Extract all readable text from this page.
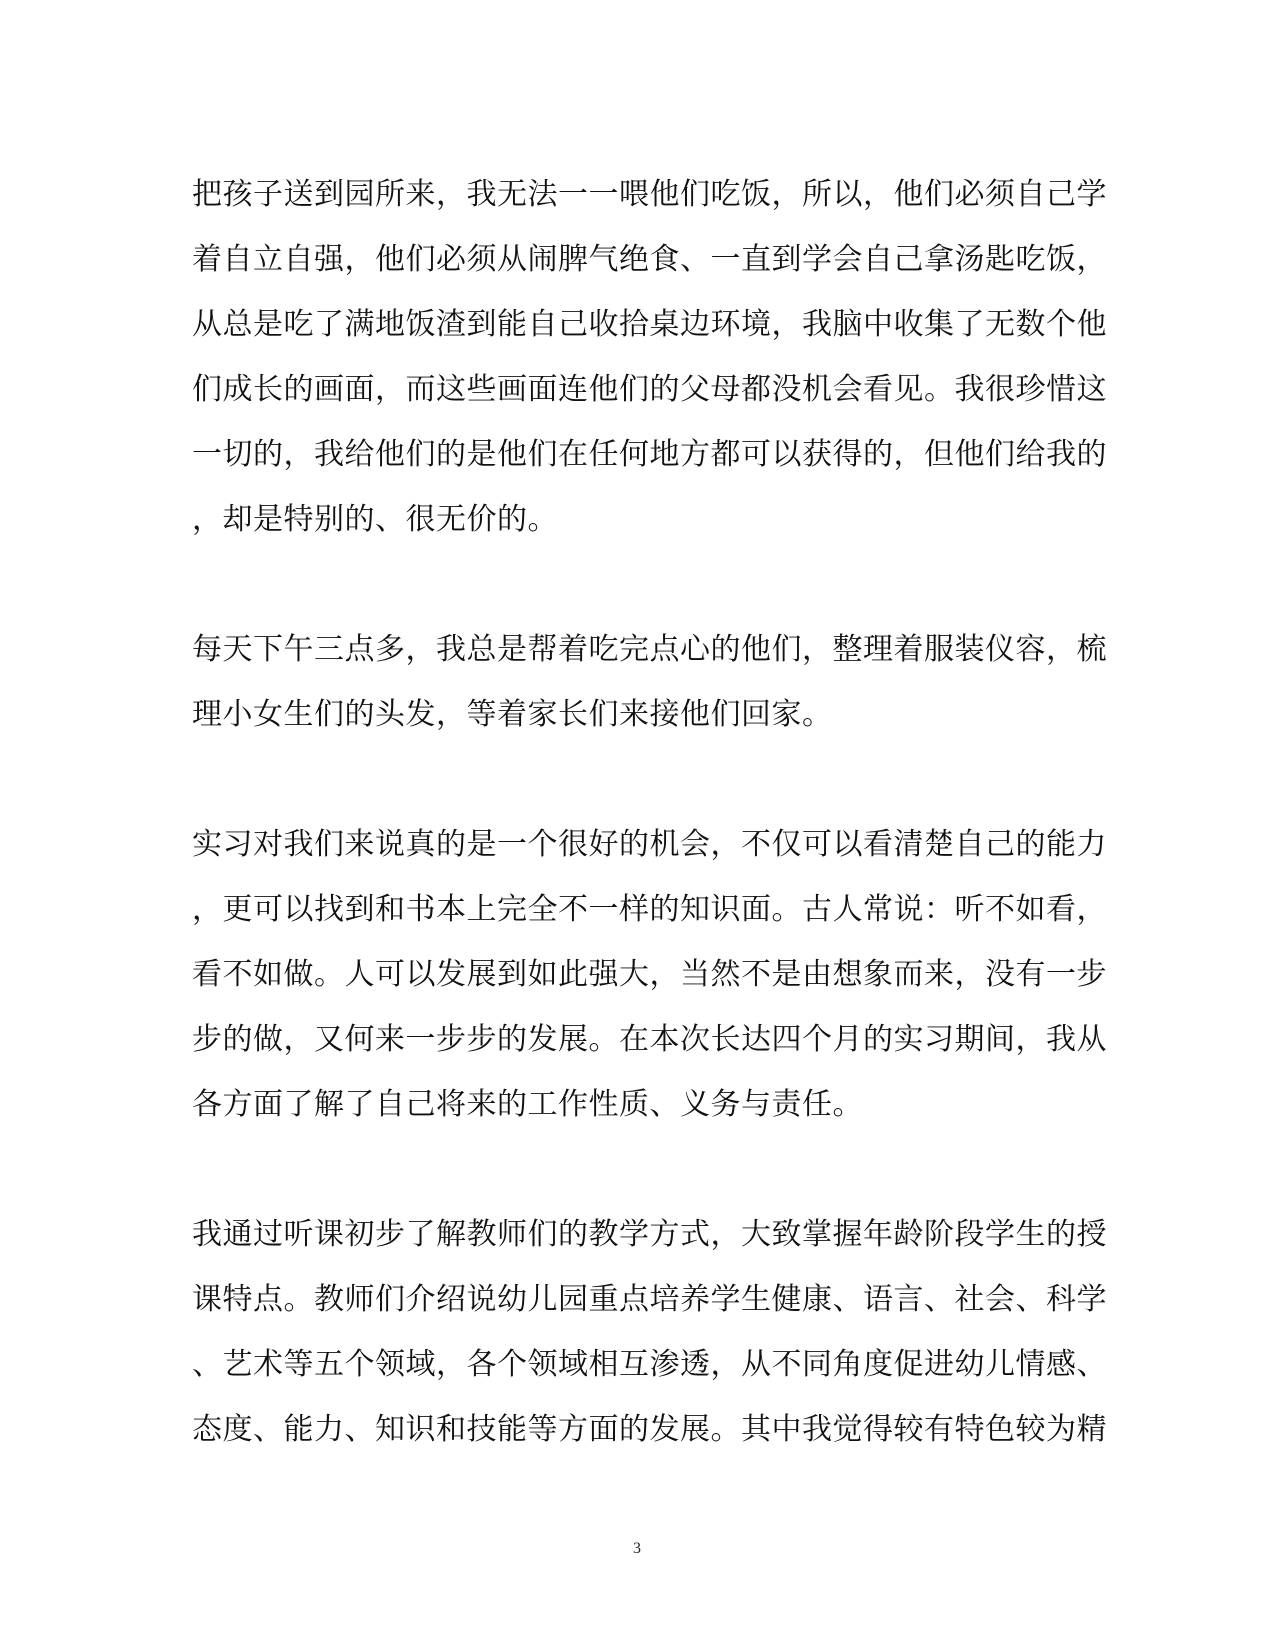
把孩子送到园所来，我无法一一喂他们吃饭，所以，他们必须自己学
着自立自强，他们必须从闹脾气绝食、一直到学会自己拿汤匙吃饭，
从总是吃了满地饭渣到能自己收拾桌边环境，我脑中收集了无数个他
们成长的画面，而这些画面连他们的父母都没机会看见。我很珍惜这
一切的，我给他们的是他们在任何地方都可以获得的，但他们给我的
，却是特别的、很无价的。
每天下午三点多，我总是帮着吃完点心的他们，整理着服装仪容，梳
理小女生们的头发，等着家长们来接他们回家。
实习对我们来说真的是一个很好的机会，不仅可以看清楚自己的能力
，更可以找到和书本上完全不一样的知识面。古人常说：听不如看，
看不如做。人可以发展到如此强大，当然不是由想象而来，没有一步
步的做，又何来一步步的发展。在本次长达四个月的实习期间，我从
各方面了解了自己将来的工作性质、义务与责任。
我通过听课初步了解教师们的教学方式，大致掌握年龄阶段学生的授
课特点。教师们介绍说幼儿园重点培养学生健康、语言、社会、科学
、艺术等五个领域，各个领域相互渗透，从不同角度促进幼儿情感、
态度、能力、知识和技能等方面的发展。其中我觉得较有特色较为精
3
